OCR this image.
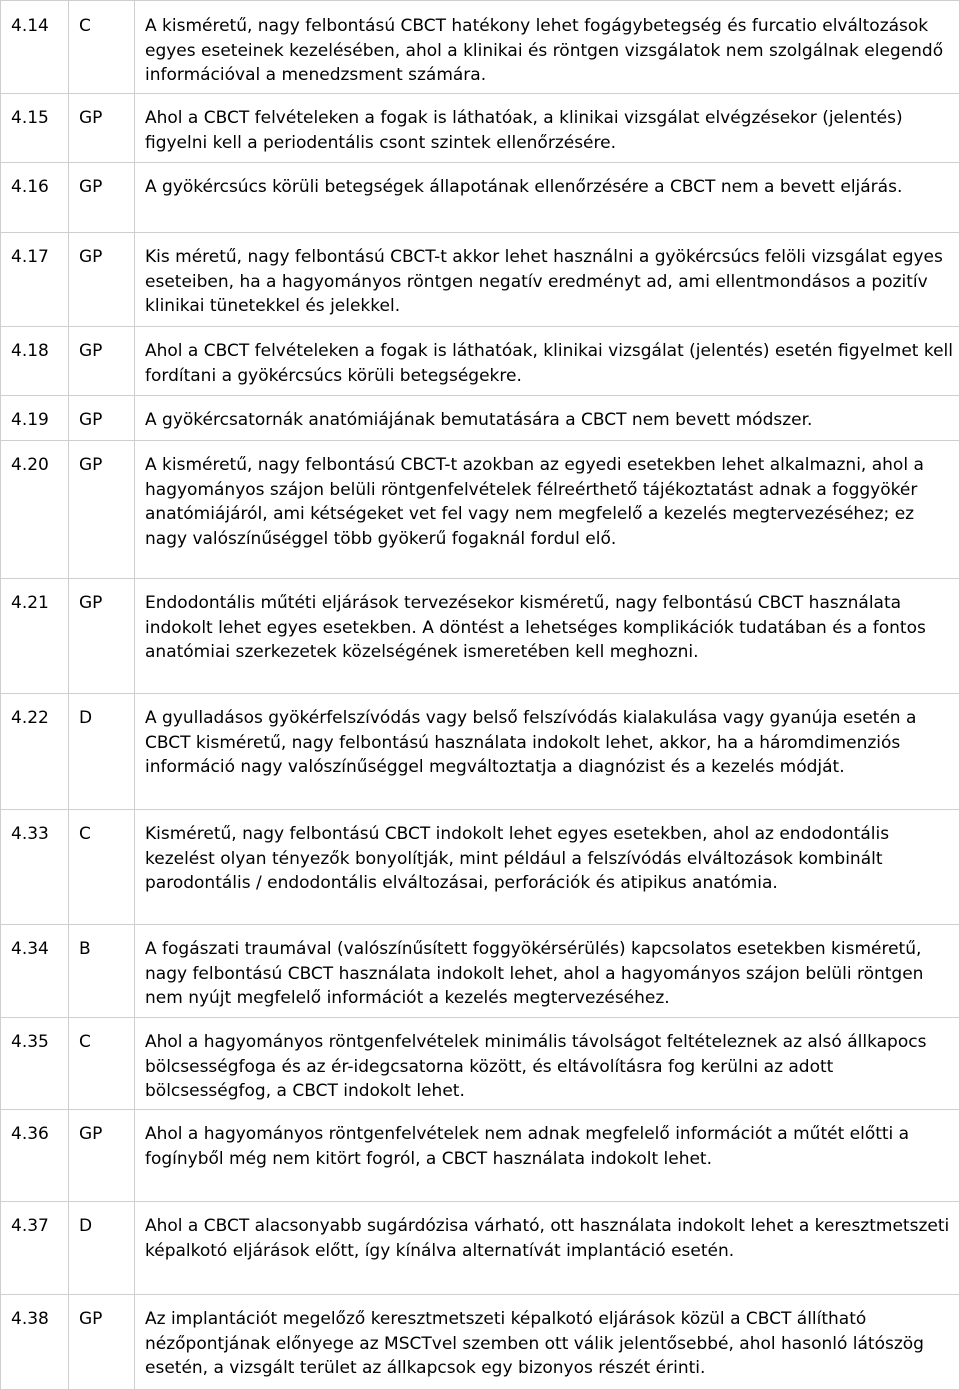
4.14	C	A kisméretű, nagy felbontású CBCT hatékony lehet fogágybetegség és furcatio elváltozások egyes eseteinek kezelésében, ahol a klinikai és röntgen vizsgálatok nem szolgálnak elegendő információval a menedzsment számára.

4.15	GP	Ahol a CBCT felvételeken a fogak is láthatóak, a klinikai vizsgálat elvégzésekor (jelentés) figyelni kell a periodentális csont szintek ellenőrzésére.

4.16	GP	A gyökércsúcs körüli betegségek állapotának ellenőrzésére a CBCT nem a bevett eljárás.

4.17	GP	Kis méretű, nagy felbontású CBCT-t akkor lehet használni a gyökércsúcs felöli vizsgálat egyes eseteiben, ha a hagyományos röntgen negatív eredményt ad, ami ellentmondásos a pozitív klinikai tünetekkel és jelekkel.

4.18	GP	Ahol a CBCT felvételeken a fogak is láthatóak, klinikai vizsgálat (jelentés) esetén figyelmet kell fordítani a gyökércsúcs körüli betegségekre.

4.19	GP	A gyökércsatornák anatómiájának bemutatására a CBCT nem bevett módszer.

4.20	GP	A kisméretű, nagy felbontású CBCT-t azokban az egyedi esetekben lehet alkalmazni, ahol a hagyományos szájon belüli röntgenfelvételek félreérthető tájékoztatást adnak a foggyökér anatómiájáról, ami kétségeket vet fel vagy nem megfelelő a kezelés megtervezéséhez; ez nagy valószínűséggel több gyökerű fogaknál fordul elő.

4.21	GP	Endodontális műtéti eljárások tervezésekor kisméretű, nagy felbontású CBCT használata indokolt lehet egyes esetekben. A döntést a lehetséges komplikációk tudatában és a fontos anatómiai szerkezetek közelségének ismeretében kell meghozni.

4.22	D	A gyulladásos gyökérfelszívódás vagy belső felszívódás kialakulása vagy gyanúja esetén a CBCT kisméretű, nagy felbontású használata indokolt lehet, akkor, ha a háromdimenziós információ nagy valószínűséggel megváltoztatja a diagnózist és a kezelés módját.

4.33	C	Kisméretű, nagy felbontású CBCT indokolt lehet egyes esetekben, ahol az endodontális kezelést olyan tényezők bonyolítják, mint például a felszívódás elváltozások kombinált parodontális / endodontális elváltozásai, perforációk és atipikus anatómia.

4.34	B	A fogászati traumával (valószínűsített foggyökérsérülés) kapcsolatos esetekben kisméretű, nagy felbontású CBCT használata indokolt lehet, ahol a hagyományos szájon belüli röntgen nem nyújt megfelelő információt a kezelés megtervezéséhez.

4.35	C	Ahol a hagyományos röntgenfelvételek minimális távolságot feltételeznek az alsó állkapocs bölcsességfoga és az ér-idegcsatorna között, és eltávolításra fog kerülni az adott bölcsességfog, a CBCT indokolt lehet.

4.36	GP	Ahol a hagyományos röntgenfelvételek nem adnak megfelelő információt a műtét előtti a fogínyből még nem kitört fogról, a CBCT használata indokolt lehet.

4.37	D	Ahol a CBCT alacsonyabb sugárdózisa várható, ott használata indokolt lehet a keresztmetszeti képalkotó eljárások előtt, így kínálva alternatívát implantáció esetén.

4.38	GP	Az implantációt megelőző keresztmetszeti képalkotó eljárások közül a CBCT állítható nézőpontjának előnyege az MSCTvel szemben ott válik jelentősebbé, ahol hasonló látószög esetén, a vizsgált terület az állkapcsok egy bizonyos részét érinti.
